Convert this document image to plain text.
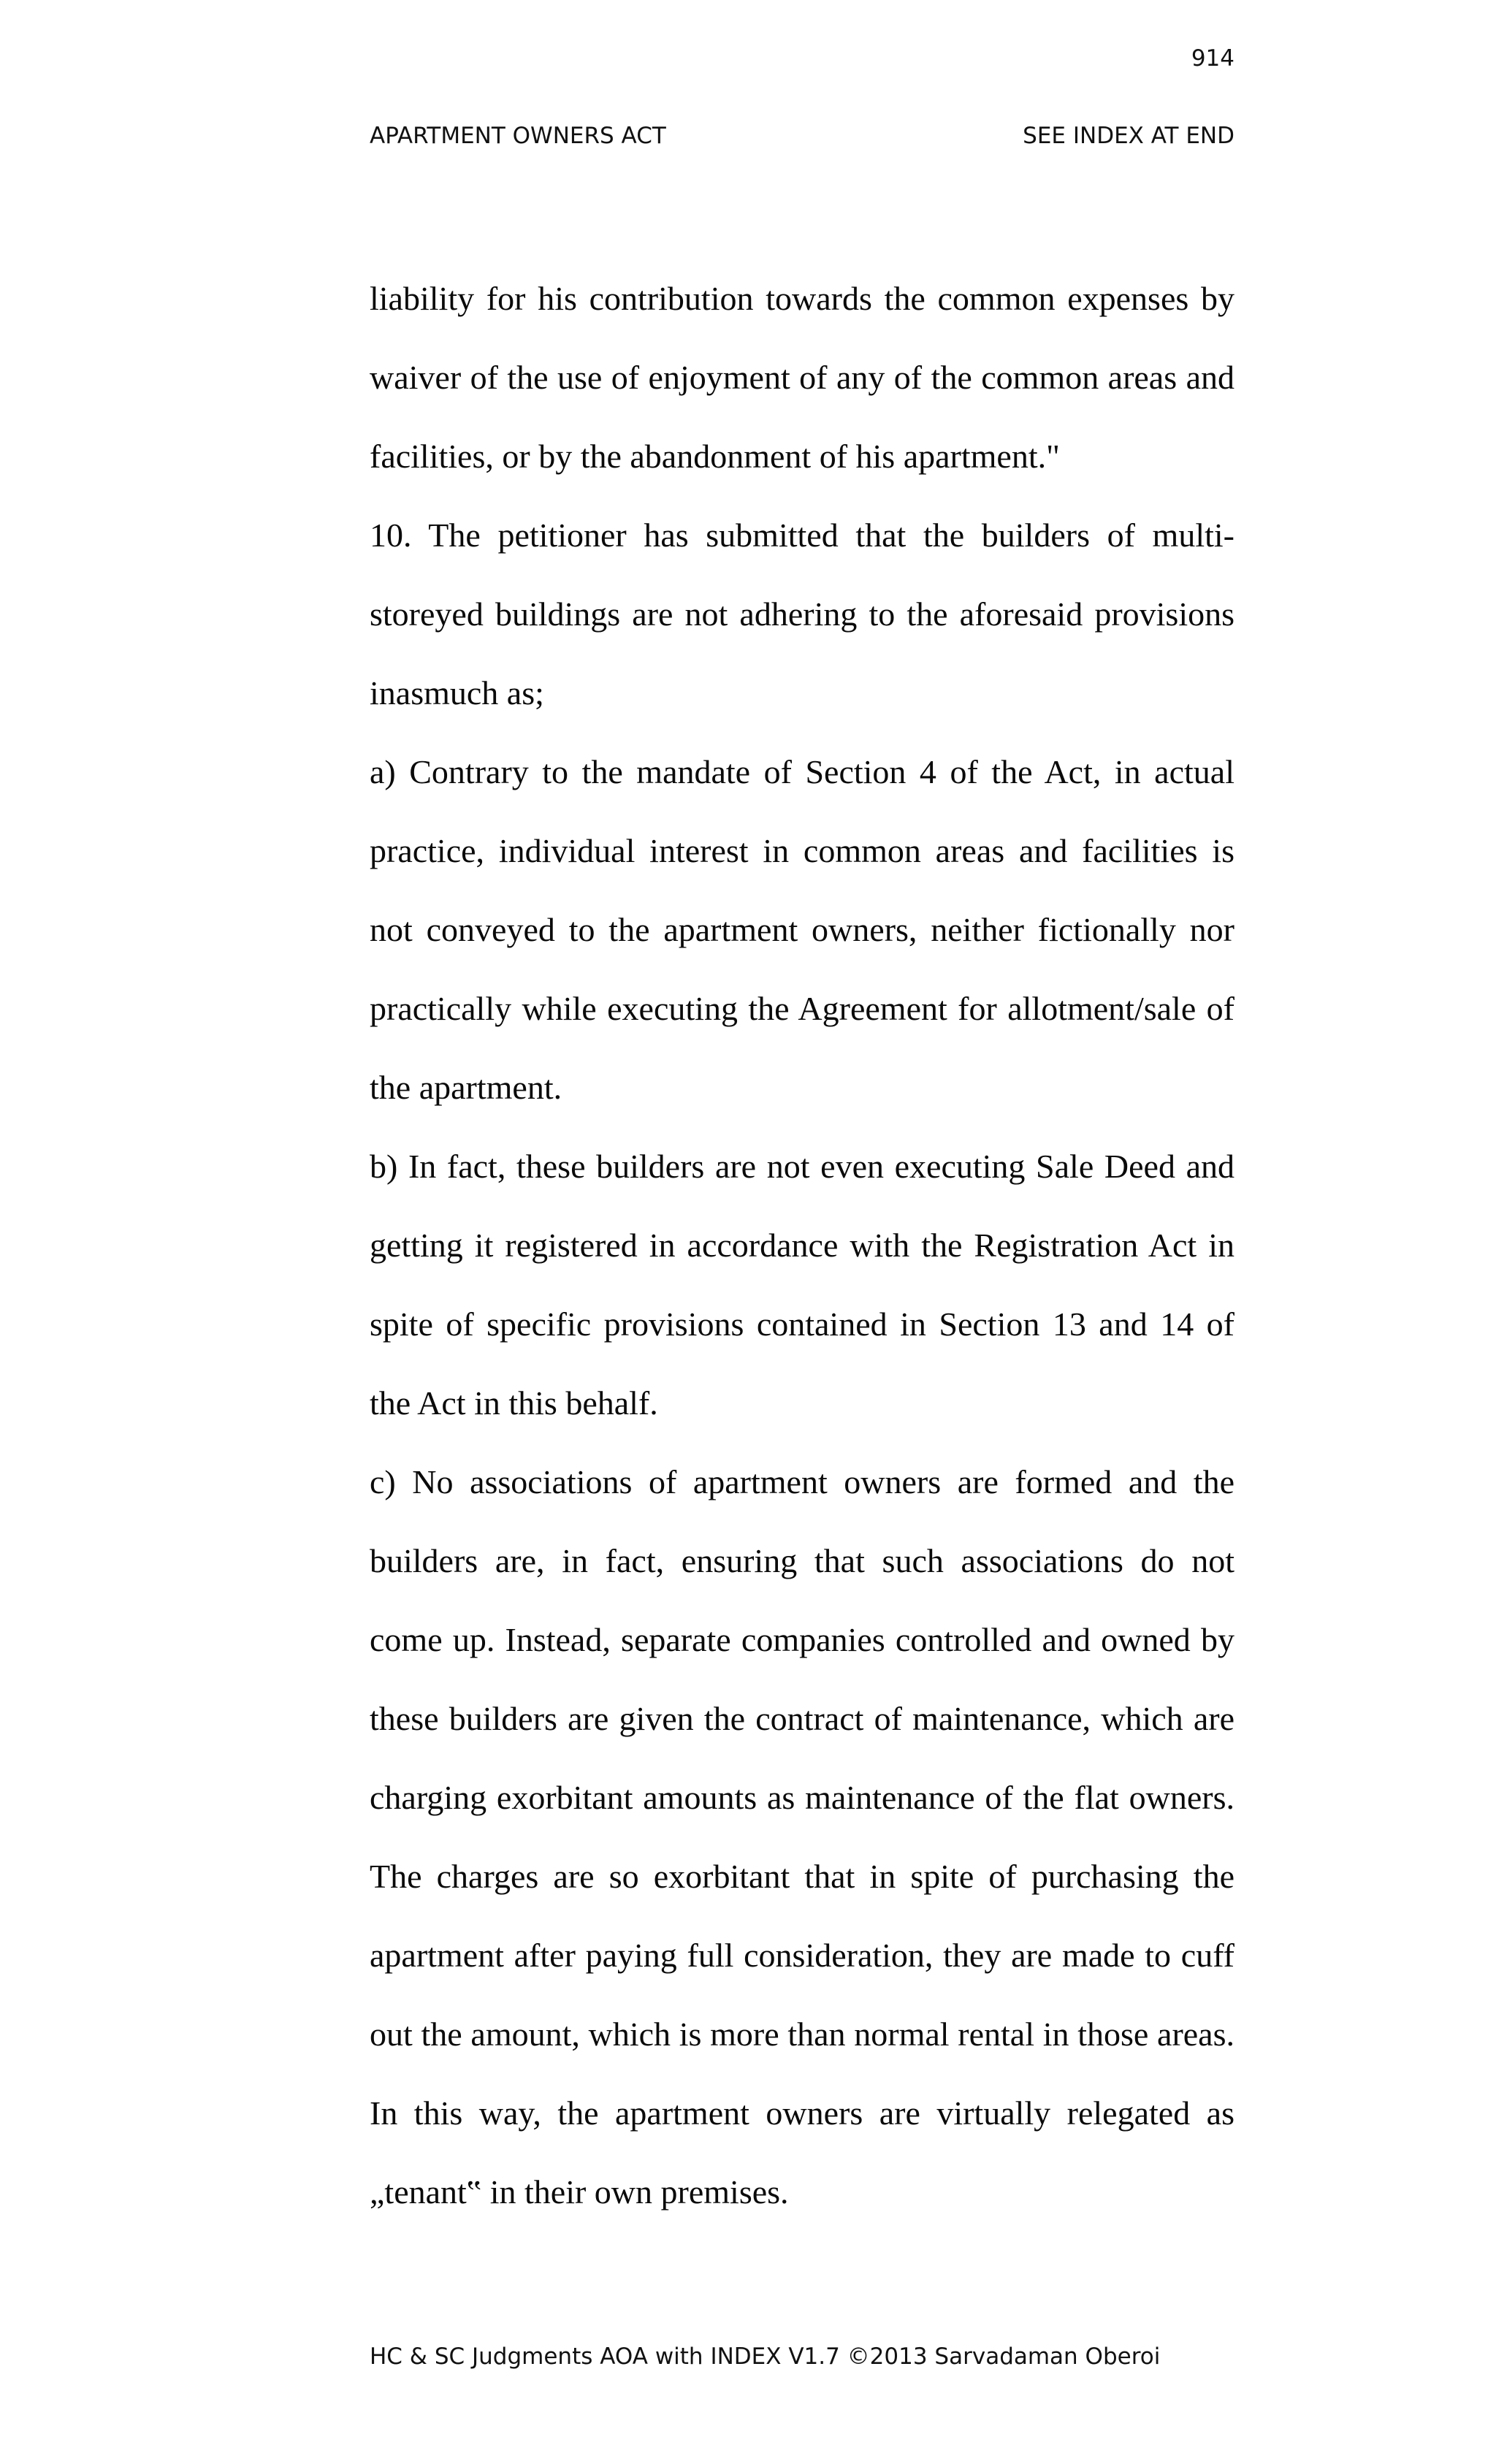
914
APARTMENT OWNERS ACT	SEE INDEX AT END

liability for his contribution towards the common expenses by waiver of the use of enjoyment of any of the common areas and facilities, or by the abandonment of his apartment."

10. The petitioner has submitted that the builders of multi-storeyed buildings are not adhering to the aforesaid provisions inasmuch as;

a) Contrary to the mandate of Section 4 of the Act, in actual practice, individual interest in common areas and facilities is not conveyed to the apartment owners, neither fictionally nor practically while executing the Agreement for allotment/sale of the apartment.

b) In fact, these builders are not even executing Sale Deed and getting it registered in accordance with the Registration Act in spite of specific provisions contained in Section 13 and 14 of the Act in this behalf.

c) No associations of apartment owners are formed and the builders are, in fact, ensuring that such associations do not come up. Instead, separate companies controlled and owned by these builders are given the contract of maintenance, which are charging exorbitant amounts as maintenance of the flat owners. The charges are so exorbitant that in spite of purchasing the apartment after paying full consideration, they are made to cuff out the amount, which is more than normal rental in those areas. In this way, the apartment owners are virtually relegated as „tenant‟ in their own premises.

HC & SC Judgments AOA with INDEX V1.7 ©2013 Sarvadaman Oberoi
